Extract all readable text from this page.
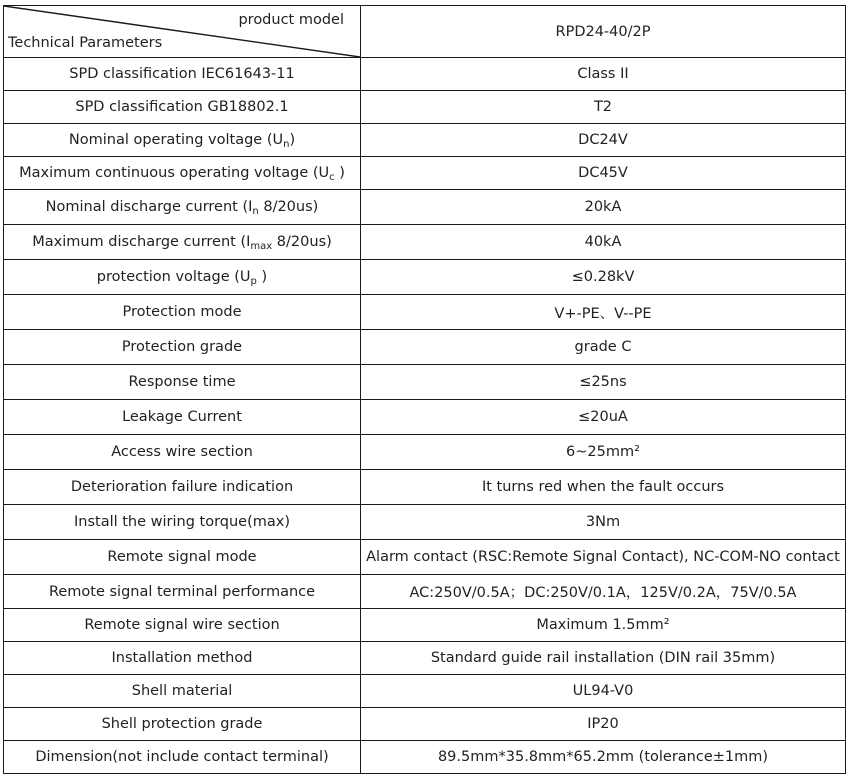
product model
Technical Parameters	RPD24-40/2P
SPD classification IEC61643-11	Class II
SPD classification GB18802.1	T2
Nominal operating voltage $(U_n)$	DC24V
Maximum continuous operating voltage ($U_c$ )	DC45V
Nominal discharge current ($I_n$ 8/20us)	20kA
Maximum discharge current ($I_{max}$ 8/20us)	40kA
protection voltage ($U_p$ )	≤0.28kV
Protection mode	V+-PE、V--PE
Protection grade	grade C
Response time	≤25ns
Leakage Current	≤20uA
Access wire section	6~25mm²
Deterioration failure indication	It turns red when the fault occurs
Install the wiring torque(max)	3Nm
Remote signal mode	Alarm contact (RSC:Remote Signal Contact), NC-COM-NO contact
Remote signal terminal performance	AC:250V/0.5A；DC:250V/0.1A，125V/0.2A，75V/0.5A
Remote signal wire section	Maximum 1.5mm²
Installation method	Standard guide rail installation (DIN rail 35mm)
Shell material	UL94-V0
Shell protection grade	IP20
Dimension(not include contact terminal)	89.5mm*35.8mm*65.2mm (tolerance±1mm)
